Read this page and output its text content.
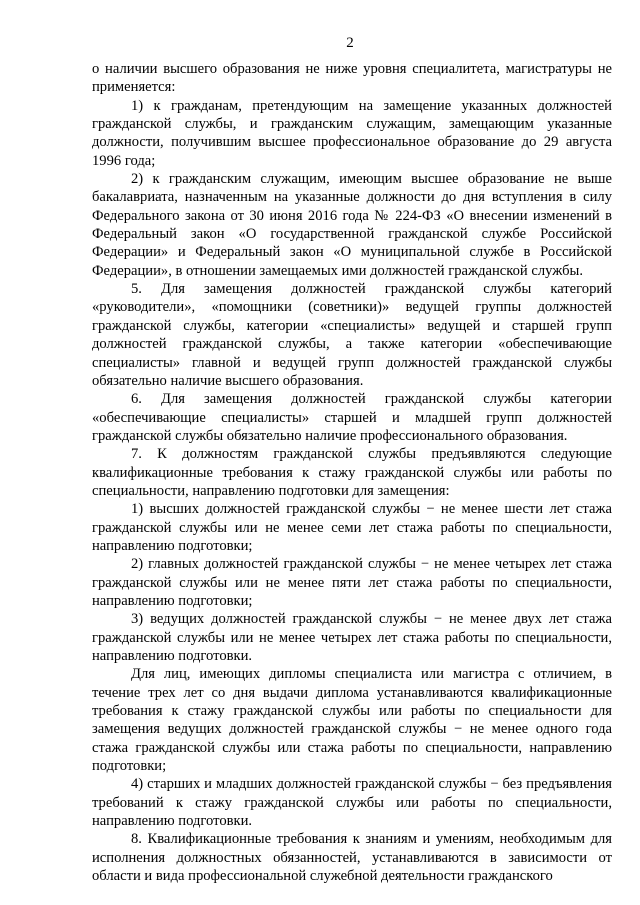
2

о наличии высшего образования не ниже уровня специалитета, магистратуры не применяется:

1) к гражданам, претендующим на замещение указанных должностей гражданской службы, и гражданским служащим, замещающим указанные должности, получившим высшее профессиональное образование до 29 августа 1996 года;

2) к гражданским служащим, имеющим высшее образование не выше бакалавриата, назначенным на указанные должности до дня вступления в силу Федерального закона от 30 июня 2016 года № 224-ФЗ «О внесении изменений в Федеральный закон «О государственной гражданской службе Российской Федерации» и Федеральный закон «О муниципальной службе в Российской Федерации», в отношении замещаемых ими должностей гражданской службы.

5. Для замещения должностей гражданской службы категорий «руководители», «помощники (советники)» ведущей группы должностей гражданской службы, категории «специалисты» ведущей и старшей групп должностей гражданской службы, а также категории «обеспечивающие специалисты» главной и ведущей групп должностей гражданской службы обязательно наличие высшего образования.

6. Для замещения должностей гражданской службы категории «обеспечивающие специалисты» старшей и младшей групп должностей гражданской службы обязательно наличие профессионального образования.

7. К должностям гражданской службы предъявляются следующие квалификационные требования к стажу гражданской службы или работы по специальности, направлению подготовки для замещения:

1) высших должностей гражданской службы − не менее шести лет стажа гражданской службы или не менее семи лет стажа работы по специальности, направлению подготовки;

2) главных должностей гражданской службы − не менее четырех лет стажа гражданской службы или не менее пяти лет стажа работы по специальности, направлению подготовки;

3) ведущих должностей гражданской службы − не менее двух лет стажа гражданской службы или не менее четырех лет стажа работы по специальности, направлению подготовки.

Для лиц, имеющих дипломы специалиста или магистра с отличием, в течение трех лет со дня выдачи диплома устанавливаются квалификационные требования к стажу гражданской службы или работы по специальности для замещения ведущих должностей гражданской службы − не менее одного года стажа гражданской службы или стажа работы по специальности, направлению подготовки;

4) старших и младших должностей гражданской службы − без предъявления требований к стажу гражданской службы или работы по специальности, направлению подготовки.

8. Квалификационные требования к знаниям и умениям, необходимым для исполнения должностных обязанностей, устанавливаются в зависимости от области и вида профессиональной служебной деятельности гражданского
